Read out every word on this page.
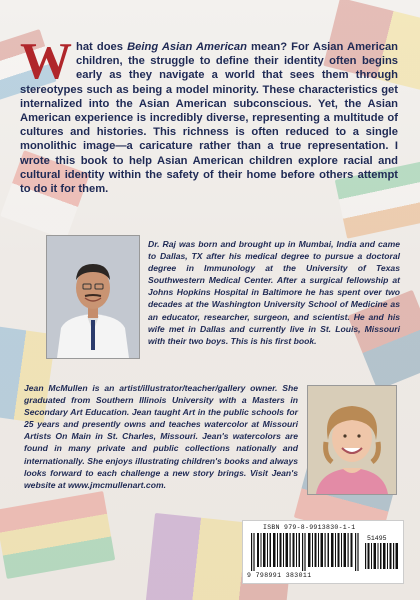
What does Being Asian American mean? For Asian American children, the struggle to define their identity often begins early as they navigate a world that sees them through stereotypes such as being a model minority. These characteristics get internalized into the Asian American subconscious. Yet, the Asian American experience is incredibly diverse, representing a multitude of cultures and histories. This richness is often reduced to a single monolithic image—a caricature rather than a true representation. I wrote this book to help Asian American children explore racial and cultural identity within the safety of their home before others attempt to do it for them.

Dr. Raj was born and brought up in Mumbai, India and came to Dallas, TX after his medical degree to pursue a doctoral degree in Immunology at the University of Texas Southwestern Medical Center. After a surgical fellowship at Johns Hopkins Hospital in Baltimore he has spent over two decades at the Washington University School of Medicine as an educator, researcher, surgeon, and scientist. He and his wife met in Dallas and currently live in St. Louis, Missouri with their two boys. This is his first book.

Jean McMullen is an artist/illustrator/teacher/gallery owner. She graduated from Southern Illinois University with a Masters in Secondary Art Education. Jean taught Art in the public schools for 25 years and presently owns and teaches watercolor at Missouri Artists On Main in St. Charles, Missouri. Jean's watercolors are found in many private and public collections nationally and internationally. She enjoys illustrating children's books and always looks forward to each challenge a new story brings. Visit Jean's website at www.jmcmullenart.com.

ISBN 979-8-9913830-1-1
51495
9 798991 383011
